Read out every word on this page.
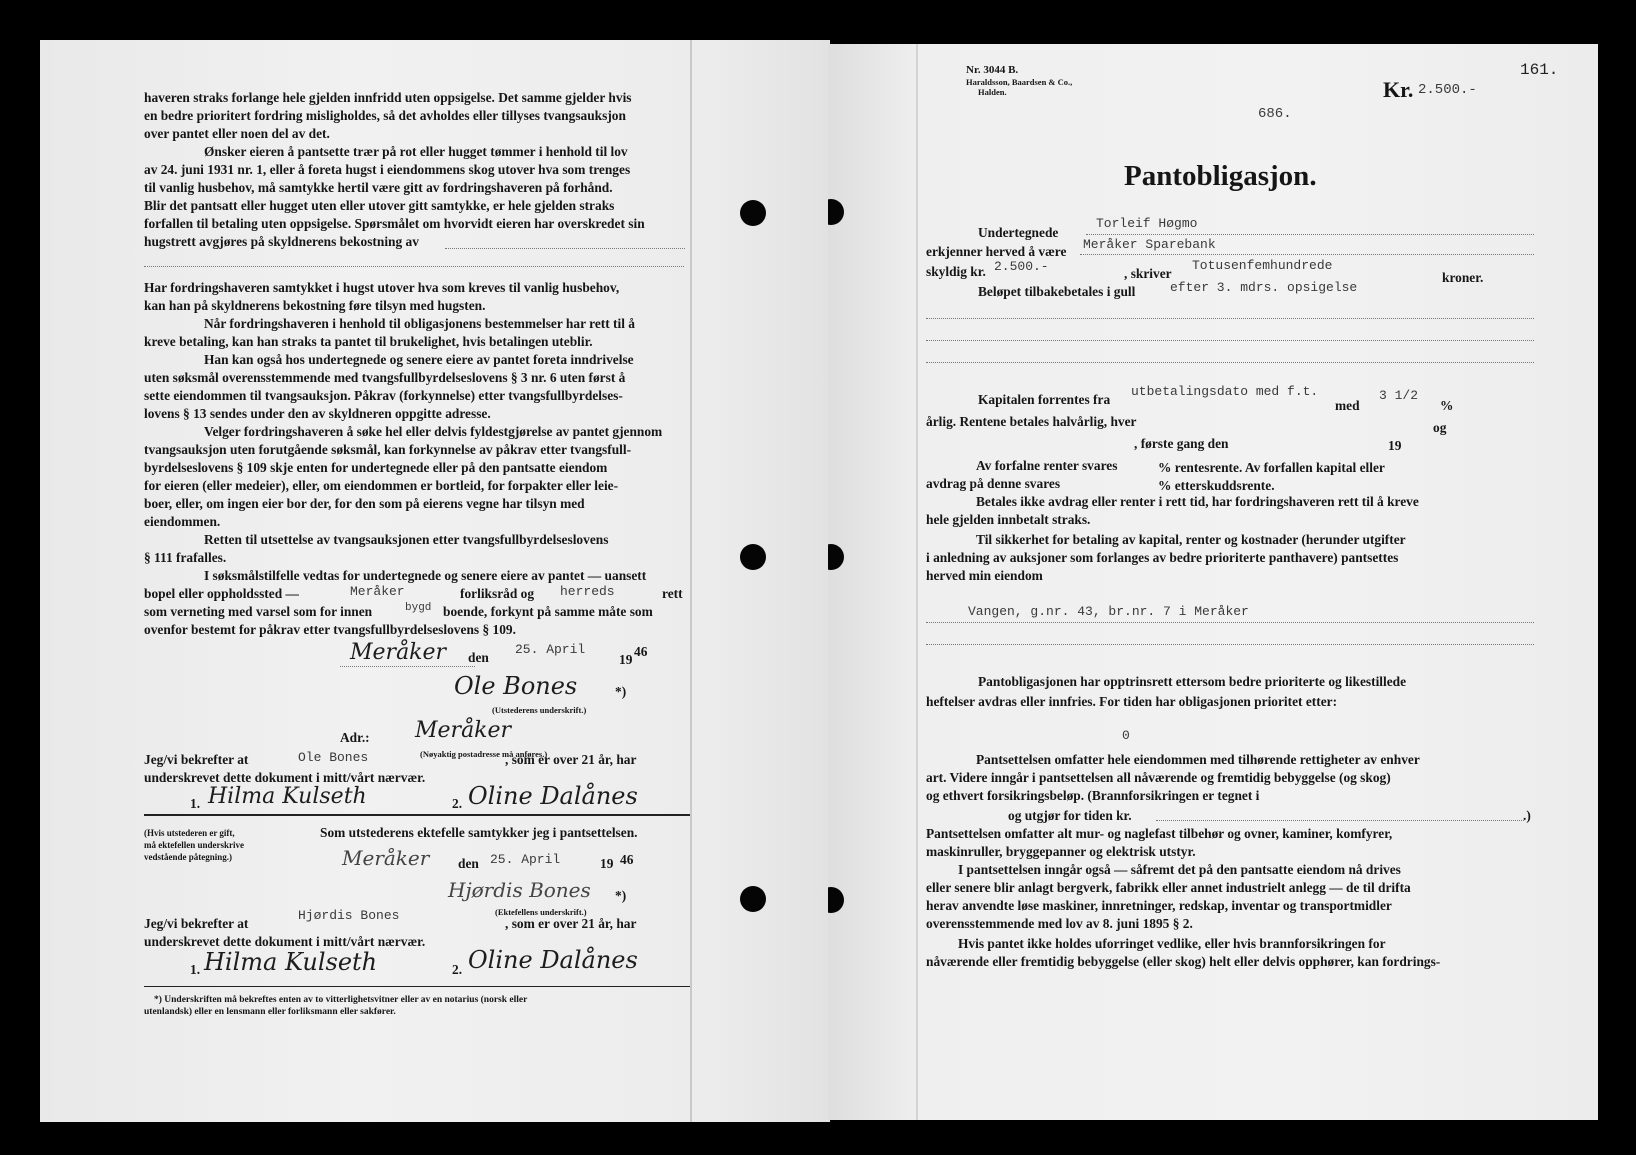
haveren straks forlange hele gjelden innfridd uten oppsigelse. Det samme gjelder hvis
en bedre prioritert fordring misligholdes, så det avholdes eller tillyses tvangsauksjon
over pantet eller noen del av det.
Ønsker eieren å pantsette trær på rot eller hugget tømmer i henhold til lov
av 24. juni 1931 nr. 1, eller å foreta hugst i eiendommens skog utover hva som trenges
til vanlig husbehov, må samtykke hertil være gitt av fordringshaveren på forhånd.
Blir det pantsatt eller hugget uten eller utover gitt samtykke, er hele gjelden straks
forfallen til betaling uten oppsigelse. Spørsmålet om hvorvidt eieren har overskredet sin
hugstrett avgjøres på skyldnerens bekostning av
Har fordringshaveren samtykket i hugst utover hva som kreves til vanlig husbehov,
kan han på skyldnerens bekostning føre tilsyn med hugsten.
Når fordringshaveren i henhold til obligasjonens bestemmelser har rett til å
kreve betaling, kan han straks ta pantet til brukelighet, hvis betalingen uteblir.
Han kan også hos undertegnede og senere eiere av pantet foreta inndrivelse
uten søksmål overensstemmende med tvangsfullbyrdelseslovens § 3 nr. 6 uten først å
sette eiendommen til tvangsauksjon. Påkrav (forkynnelse) etter tvangsfullbyrdelses-
lovens § 13 sendes under den av skyldneren oppgitte adresse.
Velger fordringshaveren å søke hel eller delvis fyldestgjørelse av pantet gjennom
tvangsauksjon uten forutgående søksmål, kan forkynnelse av påkrav etter tvangsfull-
byrdelseslovens § 109 skje enten for undertegnede eller på den pantsatte eiendom
for eieren (eller medeier), eller, om eiendommen er bortleid, for forpakter eller leie-
boer, eller, om ingen eier bor der, for den som på eierens vegne har tilsyn med
eiendommen.
Retten til utsettelse av tvangsauksjonen etter tvangsfullbyrdelseslovens
§ 111 frafalles.
I søksmålstilfelle vedtas for undertegnede og senere eiere av pantet — uansett
bopel eller oppholdssted —	Meråker	forliksråd og herreds	rett
som verneting med varsel som for innen	bygd boende, forkynt på samme måte som
ovenfor bestemt for påkrav etter tvangsfullbyrdelseslovens § 109.
Meråker den
25. April
19
46
Ole Bones	*)
(Utstederens underskrift.)
Adr.: Meråker
(Nøyaktig postadresse må anføres.)
Jeg/vi bekrefter at	Ole Bones	, som er over 21 år, har
underskrevet dette dokument i mitt/vårt nærvær.
1. Hilma Kulseth	2. Oline Dalånes
(Hvis utstederen er gift,
må ektefellen underskrive
vedstående påtegning.)
Som utstederens ektefelle samtykker jeg i pantsettelsen.
Meråker den 25. April	19 46
Hjørdis Bones *)
(Ektefellens underskrift.)
Jeg/vi bekrefter at
Hjørdis Bones
, som er over 21 år, har
underskrevet dette dokument i mitt/vårt nærvær.
1. Hilma Kulseth	2. Oline Dalånes
*) Underskriften må bekreftes enten av to vitterlighetsvitner eller av en notarius (norsk eller
utenlandsk) eller en lensmann eller forliksmann eller sakfører.
Nr. 3044 B.
Haraldsson, Baardsen & Co.,
Halden.	Kr. 2.500.-
161.
686.
Pantobligasjon.
Undertegnede
Torleif Høgmo
erkjenner herved å være Meråker Sparebank
skyldig kr. 2.500.-	, skriver
Totusenfemhundrede
kroner.
Beløpet tilbakebetales i gull	efter 3. mdrs. opsigelse
Kapitalen forrentes fra
utbetalingsdato med f.t.
med
3 1/2
%
årlig. Rentene betales halvårlig, hver	og
, første gang den	19
Av forfalne renter svares	% rentesrente. Av forfallen kapital eller
avdrag på denne svares	% etterskuddsrente.
Betales ikke avdrag eller renter i rett tid, har fordringshaveren rett til å kreve
hele gjelden innbetalt straks.
Til sikkerhet for betaling av kapital, renter og kostnader (herunder utgifter
i anledning av auksjoner som forlanges av bedre prioriterte panthavere) pantsettes
herved min eiendom
Vangen, g.nr. 43, br.nr. 7 i Meråker
Pantobligasjonen har opptrinsrett ettersom bedre prioriterte og likestillede
heftelser avdras eller innfries. For tiden har obligasjonen prioritet etter:
0
Pantsettelsen omfatter hele eiendommen med tilhørende rettigheter av enhver
art. Videre inngår i pantsettelsen all nåværende og fremtidig bebyggelse (og skog)
og ethvert forsikringsbeløp. (Brannforsikringen er tegnet i
og utgjør for tiden kr.	.)
Pantsettelsen omfatter alt mur- og naglefast tilbehør og ovner, kaminer, komfyrer,
maskinruller, bryggepanner og elektrisk utstyr.
I pantsettelsen inngår også — såfremt det på den pantsatte eiendom nå drives
eller senere blir anlagt bergverk, fabrikk eller annet industrielt anlegg — de til drifta
herav anvendte løse maskiner, innretninger, redskap, inventar og transportmidler
overensstemmende med lov av 8. juni 1895 § 2.
Hvis pantet ikke holdes uforringet vedlike, eller hvis brannforsikringen for
nåværende eller fremtidig bebyggelse (eller skog) helt eller delvis opphører, kan fordrings-
